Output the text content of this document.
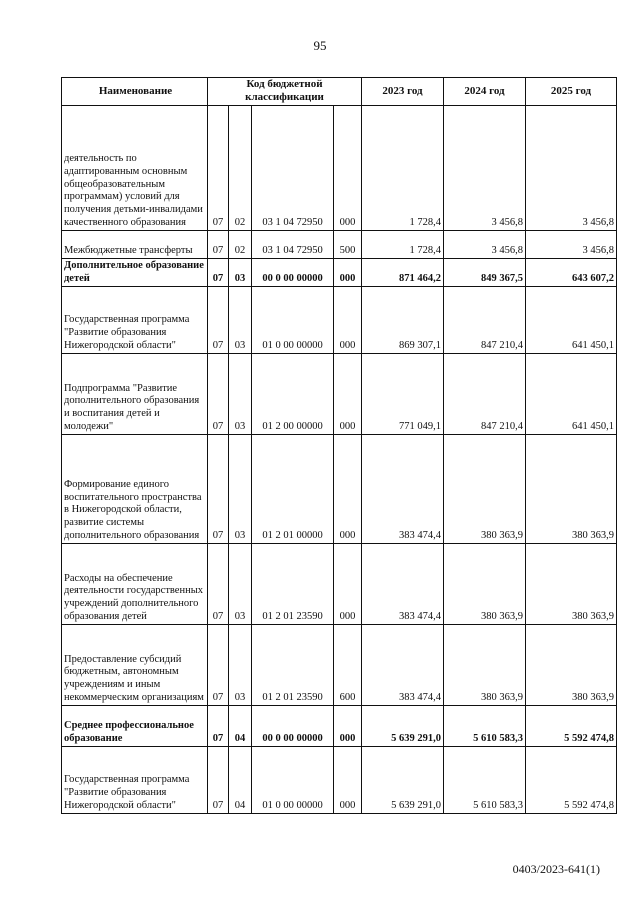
95
Наименование	Код бюджетной классификации				2023 год	2024 год	2025 год
деятельность по адаптированным основным общеобразовательным программам) условий для получения детьми-инвалидами качественного образования	07	02	03 1 04 72950	000	1 728,4	3 456,8	3 456,8
Межбюджетные трансферты	07	02	03 1 04 72950	500	1 728,4	3 456,8	3 456,8
Дополнительное образование детей	07	03	00 0 00 00000	000	871 464,2	849 367,5	643 607,2
Государственная программа "Развитие образования Нижегородской области"	07	03	01 0 00 00000	000	869 307,1	847 210,4	641 450,1
Подпрограмма "Развитие дополнительного образования и воспитания детей и молодежи"	07	03	01 2 00 00000	000	771 049,1	847 210,4	641 450,1
Формирование единого воспитательного пространства в Нижегородской области, развитие системы дополнительного образования	07	03	01 2 01 00000	000	383 474,4	380 363,9	380 363,9
Расходы на обеспечение деятельности государственных учреждений дополнительного образования детей	07	03	01 2 01 23590	000	383 474,4	380 363,9	380 363,9
Предоставление субсидий бюджетным, автономным учреждениям и иным некоммерческим организациям	07	03	01 2 01 23590	600	383 474,4	380 363,9	380 363,9
Среднее профессиональное образование	07	04	00 0 00 00000	000	5 639 291,0	5 610 583,3	5 592 474,8
Государственная программа "Развитие образования Нижегородской области"	07	04	01 0 00 00000	000	5 639 291,0	5 610 583,3	5 592 474,8
0403/2023-641(1)
